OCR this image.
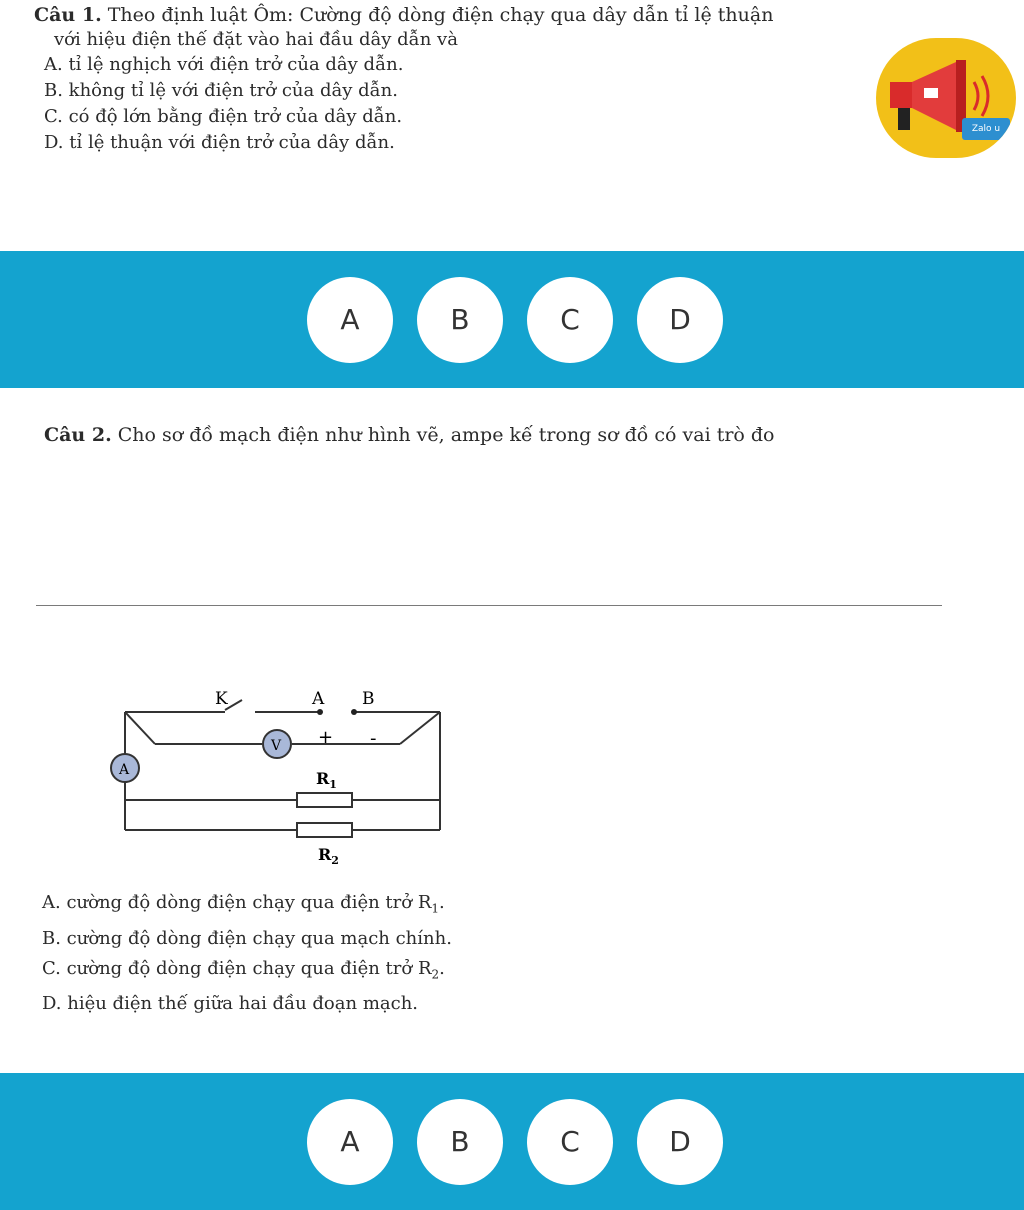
Câu 1. Theo định luật Ôm: Cường độ dòng điện chạy qua dây dẫn tỉ lệ thuận

với hiệu điện thế đặt vào hai đầu dây dẫn và

A. tỉ lệ nghịch với điện trở của dây dẫn.

B. không tỉ lệ với điện trở của dây dẫn.

C. có độ lớn bằng điện trở của dây dẫn.

D. tỉ lệ thuận với điện trở của dây dẫn.

Zalo u
A	B	C	D

Câu 2. Cho sơ đồ mạch điện như hình vẽ, ampe kế trong sơ đồ có vai trò đo

K	A B
V
A
+ -
$R_1$
$R_2$

A. cường độ dòng điện chạy qua điện trở $R_1$.

B. cường độ dòng điện chạy qua mạch chính.

C. cường độ dòng điện chạy qua điện trở $R_2$.

D. hiệu điện thế giữa hai đầu đoạn mạch.

A	B	C	D
